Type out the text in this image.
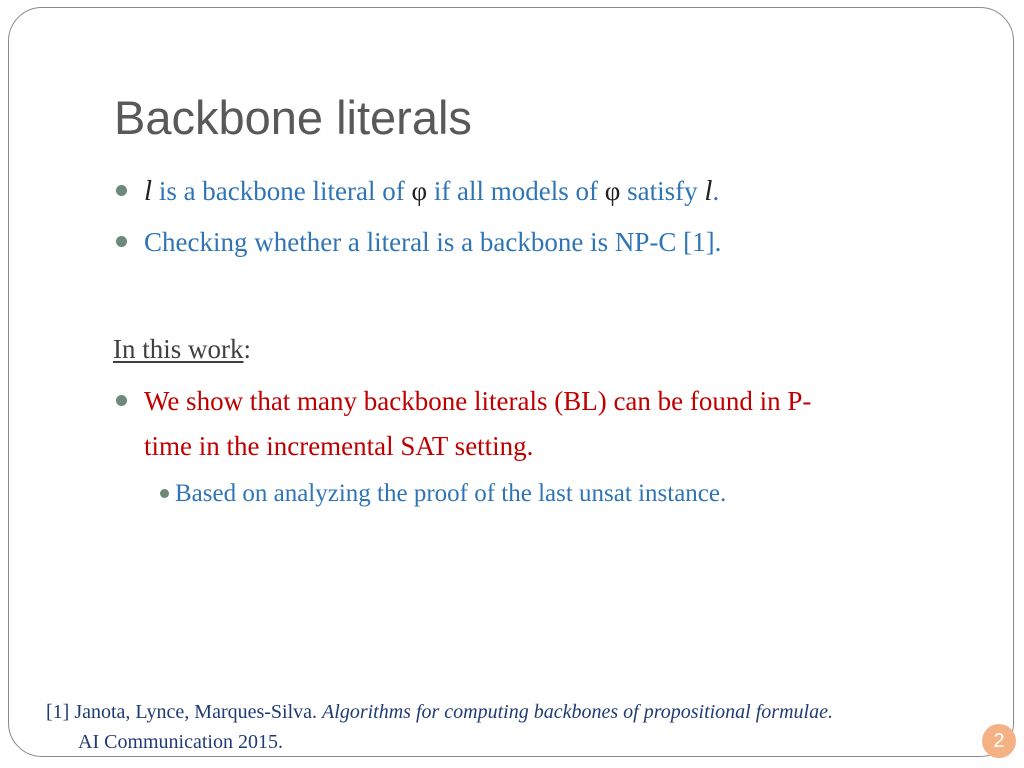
Backbone literals
l is a backbone literal of φ if all models of φ satisfy l.
Checking whether a literal is a backbone is NP-C [1].
In this work:
We show that many backbone literals (BL) can be found in P-
time in the incremental SAT setting.
Based on analyzing the proof of the last unsat instance.
[1] Janota, Lynce, Marques-Silva. Algorithms for computing backbones of propositional formulae.
AI Communication 2015.	2
